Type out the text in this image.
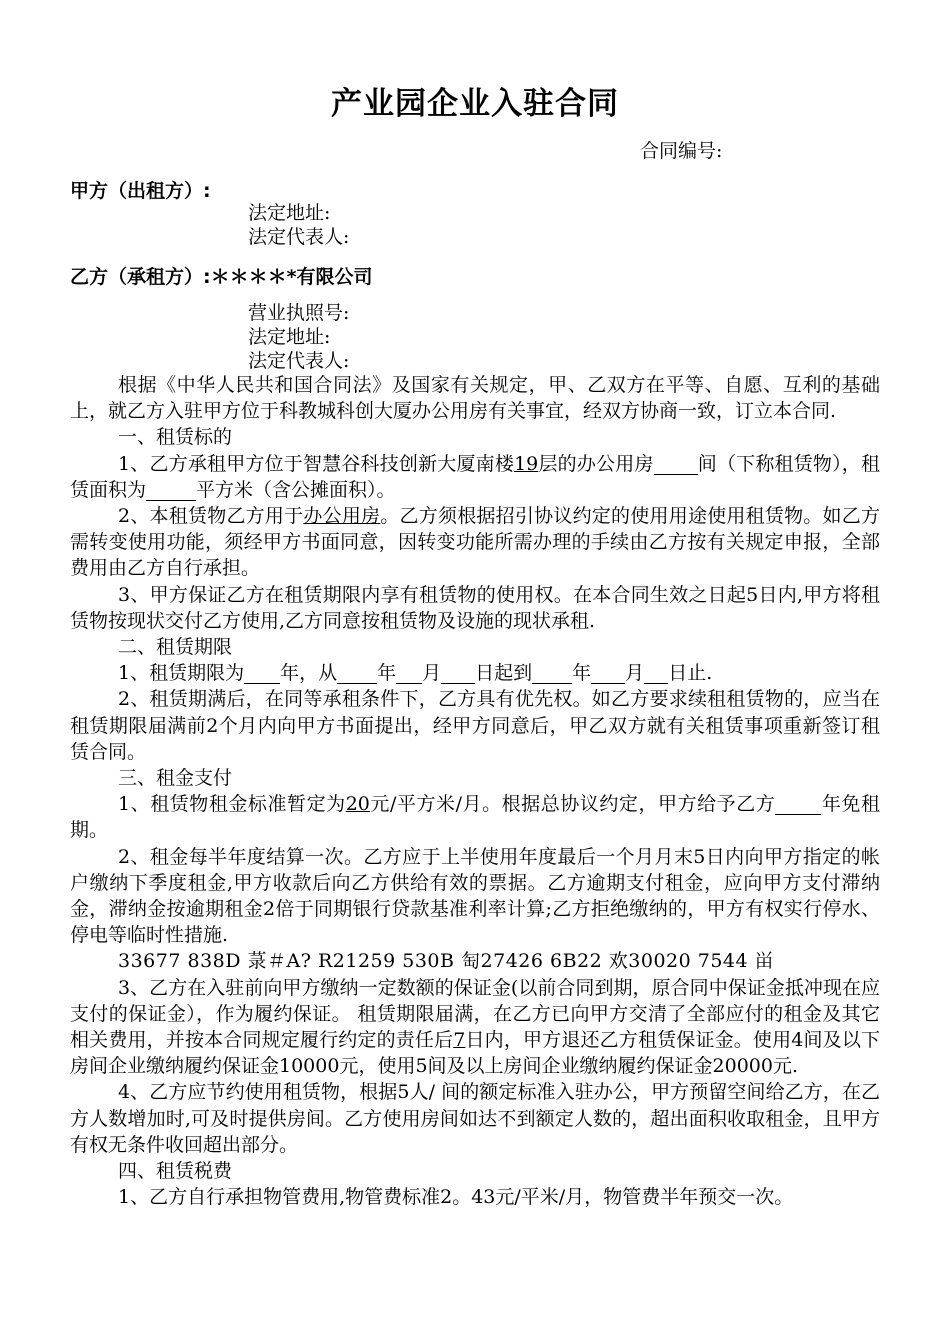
产业园企业入驻合同
合同编号:
甲方（出租方）:
法定地址:
法定代表人:
乙方（承租方）:＊＊＊＊*有限公司
营业执照号:
法定地址:
法定代表人:

根据《中华人民共和国合同法》及国家有关规定，甲、乙双方在平等、自愿、互利的基础上，就乙方入驻甲方位于科教城科创大厦办公用房有关事宜，经双方协商一致，订立本合同.

一、租赁标的

1、乙方承租甲方位于智慧谷科技创新大厦南楼19层的办公用房 间（下称租赁物），租赁面积为	平方米（含公摊面积）。

2、本租赁物乙方用于办公用房。乙方须根据招引协议约定的使用用途使用租赁物。如乙方需转变使用功能，须经甲方书面同意，因转变功能所需办理的手续由乙方按有关规定申报，全部费用由乙方自行承担。

3、甲方保证乙方在租赁期限内享有租赁物的使用权。在本合同生效之日起5日内,甲方将租赁物按现状交付乙方使用,乙方同意按租赁物及设施的现状承租.

二、租赁期限

1、租赁期限为 年，从 年 月 日起到 年 月 日止.

2、租赁期满后，在同等承租条件下，乙方具有优先权。如乙方要求续租租赁物的，应当在租赁期限届满前2个月内向甲方书面提出，经甲方同意后，甲乙双方就有关租赁事项重新签订租赁合同。

三、租金支付

1、租赁物租金标准暂定为20元/平方米/月。根据总协议约定，甲方给予乙方 年免租期。

2、租金每半年度结算一次。乙方应于上半使用年度最后一个月月末5日内向甲方指定的帐户缴纳下季度租金,甲方收款后向乙方供给有效的票据。乙方逾期支付租金，应向甲方支付滞纳金，滞纳金按逾期租金2倍于同期银行贷款基准利率计算;乙方拒绝缴纳的，甲方有权实行停水、停电等临时性措施.

33677 838D 菉＃A? R21259 530B 匋27426 6B22 欢30020 7544 畄

3、乙方在入驻前向甲方缴纳一定数额的保证金(以前合同到期，原合同中保证金抵冲现在应支付的保证金），作为履约保证。 租赁期限届满，在乙方已向甲方交清了全部应付的租金及其它相关费用，并按本合同规定履行约定的责任后7日内，甲方退还乙方租赁保证金。使用4间及以下房间企业缴纳履约保证金10000元，使用5间及以上房间企业缴纳履约保证金20000元.

4、乙方应节约使用租赁物，根据5人/ 间的额定标准入驻办公，甲方预留空间给乙方，在乙方人数增加时,可及时提供房间。乙方使用房间如达不到额定人数的，超出面积收取租金，且甲方有权无条件收回超出部分。

四、租赁税费

1、乙方自行承担物管费用,物管费标准2。43元/平米/月，物管费半年预交一次。
